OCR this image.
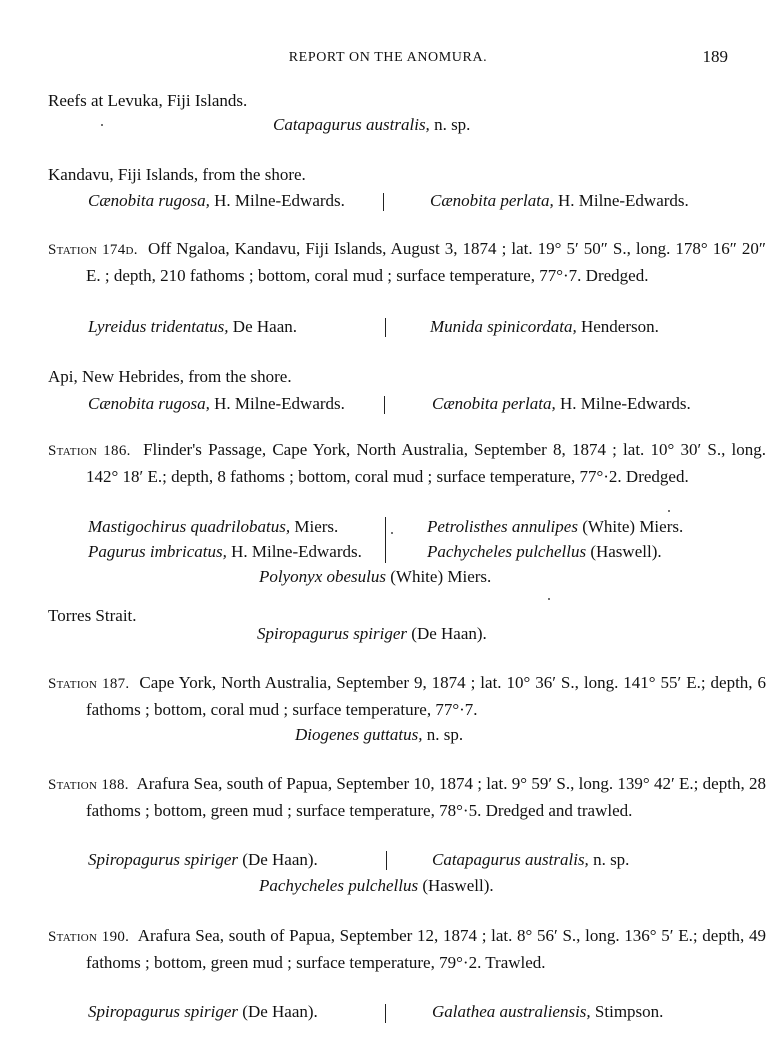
REPORT ON THE ANOMURA.	189
Reefs at Levuka, Fiji Islands.
Catapagurus australis, n. sp.
Kandavu, Fiji Islands, from the shore.
Cænobita rugosa, H. Milne-Edwards.	Cænobita perlata, H. Milne-Edwards.
Station 174d. Off Ngaloa, Kandavu, Fiji Islands, August 3, 1874 ; lat. 19° 5′ 50″ S., long. 178° 16″ 20″ E. ; depth, 210 fathoms ; bottom, coral mud ; surface temperature, 77°·7. Dredged.
Lyreidus tridentatus, De Haan.	Munida spinicordata, Henderson.
Api, New Hebrides, from the shore.
Cænobita rugosa, H. Milne-Edwards.	Cænobita perlata, H. Milne-Edwards.
Station 186. Flinder's Passage, Cape York, North Australia, September 8, 1874 ; lat. 10° 30′ S., long. 142° 18′ E.; depth, 8 fathoms ; bottom, coral mud ; surface temperature, 77°·2. Dredged.
Mastigochirus quadrilobatus, Miers.	Petrolisthes annulipes (White) Miers.
Pagurus imbricatus, H. Milne-Edwards.	Pachycheles pulchellus (Haswell).
Polyonyx obesulus (White) Miers.
Torres Strait.
Spiropagurus spiriger (De Haan).
Station 187. Cape York, North Australia, September 9, 1874 ; lat. 10° 36′ S., long. 141° 55′ E.; depth, 6 fathoms ; bottom, coral mud ; surface temperature, 77°·7.
Diogenes guttatus, n. sp.
Station 188. Arafura Sea, south of Papua, September 10, 1874 ; lat. 9° 59′ S., long. 139° 42′ E.; depth, 28 fathoms ; bottom, green mud ; surface temperature, 78°·5. Dredged and trawled.
Spiropagurus spiriger (De Haan).	Catapagurus australis, n. sp.
Pachycheles pulchellus (Haswell).
Station 190. Arafura Sea, south of Papua, September 12, 1874 ; lat. 8° 56′ S., long. 136° 5′ E.; depth, 49 fathoms ; bottom, green mud ; surface temperature, 79°·2. Trawled.
Spiropagurus spiriger (De Haan).	Galathea australiensis, Stimpson.
